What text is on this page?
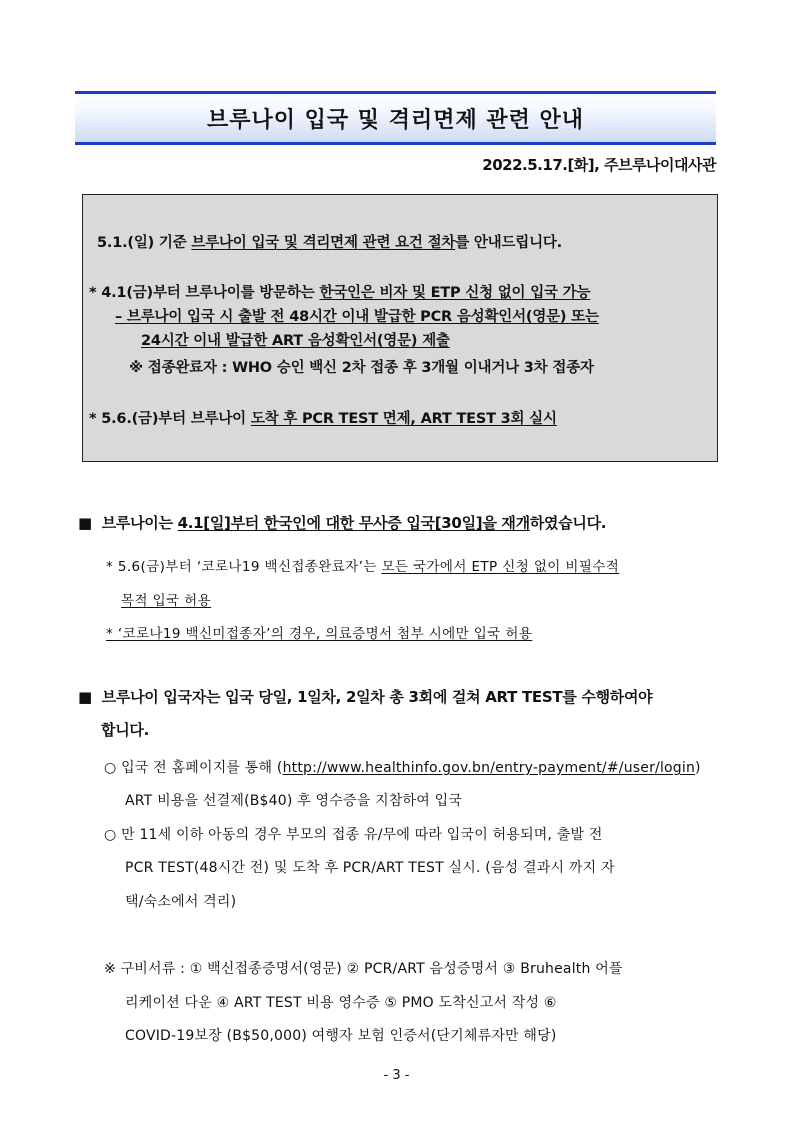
브루나이 입국 및 격리면제 관련 안내
2022.5.17.[화], 주브루나이대사관
5.1.(일) 기준 브루나이 입국 및 격리면제 관련 요건 절차를 안내드립니다.
* 4.1(금)부터 브루나이를 방문하는 한국인은 비자 및 ETP 신청 없이 입국 가능
– 브루나이 입국 시 출발 전 48시간 이내 발급한 PCR 음성확인서(영문) 또는
24시간 이내 발급한 ART 음성확인서(영문) 제출
※ 접종완료자 : WHO 승인 백신 2차 접종 후 3개월 이내거나 3차 접종자
* 5.6.(금)부터 브루나이 도착 후 PCR TEST 면제, ART TEST 3회 실시
■ 브루나이는 4.1[일]부터 한국인에 대한 무사증 입국[30일]을 재개하였습니다.
* 5.6(금)부터 ‘코로나19 백신접종완료자’는 모든 국가에서 ETP 신청 없이 비필수적
목적 입국 허용
* ‘코로나19 백신미접종자’의 경우, 의료증명서 첨부 시에만 입국 허용
■ 브루나이 입국자는 입국 당일, 1일차, 2일차 총 3회에 걸쳐 ART TEST를 수행하여야
합니다.
○ 입국 전 홈페이지를 통해 (http://www.healthinfo.gov.bn/entry-payment/#/user/login)
ART 비용을 선결제(B$40) 후 영수증을 지참하여 입국
○ 만 11세 이하 아동의 경우 부모의 접종 유/무에 따라 입국이 허용되며, 출발 전
PCR TEST(48시간 전) 및 도착 후 PCR/ART TEST 실시. (음성 결과시 까지 자
택/숙소에서 격리)
※ 구비서류 : ① 백신접종증명서(영문) ② PCR/ART 음성증명서 ③ Bruhealth 어플
리케이션 다운 ④ ART TEST 비용 영수증 ⑤ PMO 도착신고서 작성 ⑥
COVID-19보장 (B$50,000) 여행자 보험 인증서(단기체류자만 해당)
- 3 -
